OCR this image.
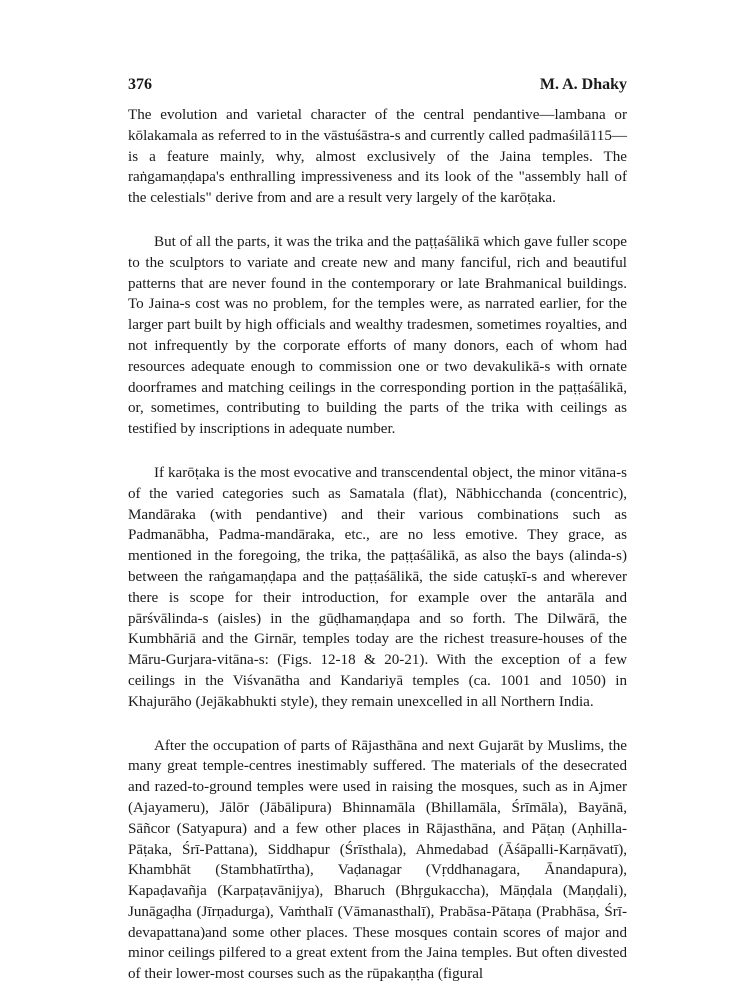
376	M. A. Dhaky

The evolution and varietal character of the central pendantive—lambana or kōlakamala as referred to in the vāstuśāstra-s and currently called padmaśilā115—is a feature mainly, why, almost exclusively of the Jaina temples. The raṅgamaṇḍapa's enthralling impressiveness and its look of the "assembly hall of the celestials" derive from and are a result very largely of the karōṭaka.

But of all the parts, it was the trika and the paṭṭaśālikā which gave fuller scope to the sculptors to variate and create new and many fanciful, rich and beautiful patterns that are never found in the contemporary or late Brahmanical buildings. To Jaina-s cost was no problem, for the temples were, as narrated earlier, for the larger part built by high officials and wealthy tradesmen, sometimes royalties, and not infrequently by the corporate efforts of many donors, each of whom had resources adequate enough to commission one or two devakulikā-s with ornate doorframes and matching ceilings in the corresponding portion in the paṭṭaśālikā, or, sometimes, contributing to building the parts of the trika with ceilings as testified by inscriptions in adequate number.

If karōṭaka is the most evocative and transcendental object, the minor vitāna-s of the varied categories such as Samatala (flat), Nābhicchanda (concentric), Mandāraka (with pendantive) and their various combinations such as Padmanābha, Padma-mandāraka, etc., are no less emotive. They grace, as mentioned in the foregoing, the trika, the paṭṭaśālikā, as also the bays (alinda-s) between the raṅgamaṇḍapa and the paṭṭaśālikā, the side catuṣkī-s and wherever there is scope for their introduction, for example over the antarāla and pārśvālinda-s (aisles) in the gūḍhamaṇḍapa and so forth. The Dilwārā, the Kumbhāriā and the Girnār, temples today are the richest treasure-houses of the Māru-Gurjara-vitāna-s: (Figs. 12-18 & 20-21). With the exception of a few ceilings in the Viśvanātha and Kandariyā temples (ca. 1001 and 1050) in Khajurāho (Jejākabhukti style), they remain unexcelled in all Northern India.

After the occupation of parts of Rājasthāna and next Gujarāt by Muslims, the many great temple-centres inestimably suffered. The materials of the desecrated and razed-to-ground temples were used in raising the mosques, such as in Ajmer (Ajayameru), Jālōr (Jābālipura) Bhinnamāla (Bhillamāla, Śrīmāla), Bayānā, Sāñcor (Satyapura) and a few other places in Rājasthāna, and Pāṭaṇ (Aṇhilla-Pāṭaka, Śrī-Pattana), Siddhapur (Śrīsthala), Ahmedabad (Āśāpalli-Karṇāvatī), Khambhāt (Stambhatīrtha), Vaḍanagar (Vṛddhanagara, Ānandapura), Kapaḍavañja (Karpaṭavānijya), Bharuch (Bhṛgukaccha), Māṇḍala (Maṇḍali), Junāgaḍha (Jīrṇadurga), Vaṁthalī (Vāmanasthalī), Prabāsa-Pātaṇa (Prabhāsa, Śrī-devapattana)and some other places. These mosques contain scores of major and minor ceilings pilfered to a great extent from the Jaina temples. But often divested of their lower-most courses such as the rūpakaṇṭha (figural
